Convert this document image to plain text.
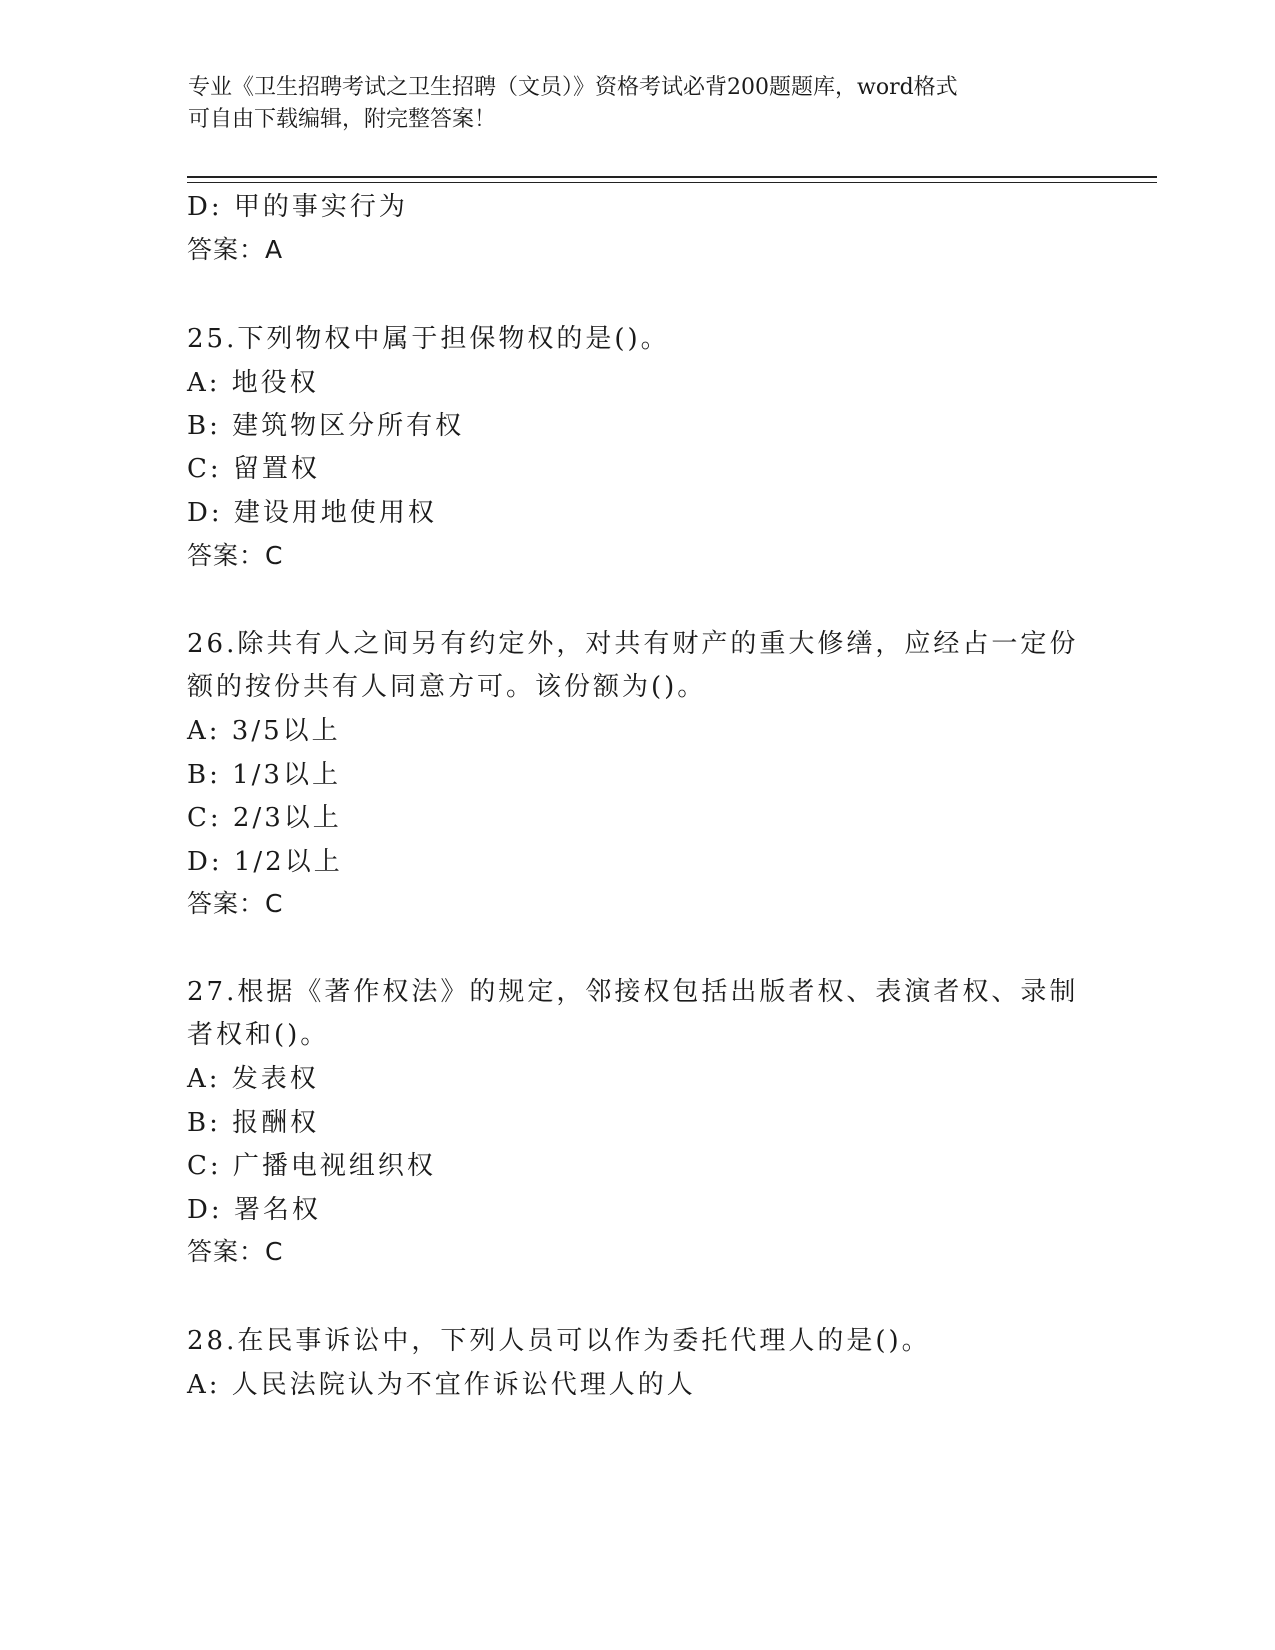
专业《卫生招聘考试之卫生招聘（文员）》资格考试必背200题题库，word格式
可自由下载编辑，附完整答案！
D: 甲的事实行为
答案：A
25.下列物权中属于担保物权的是()。
A: 地役权
B: 建筑物区分所有权
C: 留置权
D: 建设用地使用权
答案：C
26.除共有人之间另有约定外，对共有财产的重大修缮，应经占一定份
额的按份共有人同意方可。该份额为()。
A: 3/5以上
B: 1/3以上
C: 2/3以上
D: 1/2以上
答案：C
27.根据《著作权法》的规定，邻接权包括出版者权、表演者权、录制
者权和()。
A: 发表权
B: 报酬权
C: 广播电视组织权
D: 署名权
答案：C
28.在民事诉讼中，下列人员可以作为委托代理人的是()。
A: 人民法院认为不宜作诉讼代理人的人
